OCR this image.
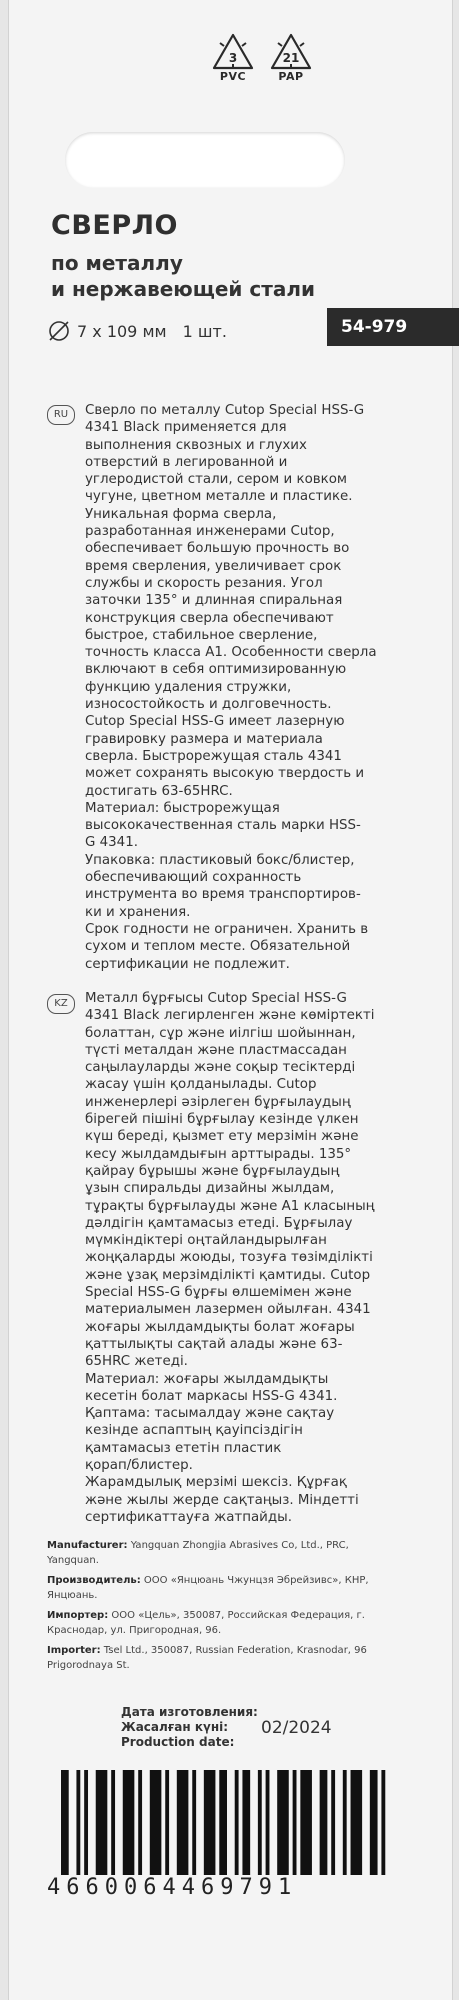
3
PVC
21
PAP
СВЕРЛО
по металлу
и нержавеющей стали
7 x 109 мм 1 шт.	54-979
RU	Сверло по металлу Cutop Special HSS-G
4341 Black применяется для
выполнения сквозных и глухих
отверстий в легированной и
углеродистой стали, сером и ковком
чугуне, цветном металле и пластике.
Уникальная форма сверла,
разработанная инженерами Cutop,
обеспечивает большую прочность во
время сверления, увеличивает срок
службы и скорость резания. Угол
заточки 135° и длинная спиральная
конструкция сверла обеспечивают
быстрое, стабильное сверление,
точность класса A1. Особенности сверла
включают в себя оптимизированную
функцию удаления стружки,
износостойкость и долговечность.
Cutop Special HSS-G имеет лазерную
гравировку размера и материала
сверла. Быстрорежущая сталь 4341
может сохранять высокую твердость и
достигать 63-65HRC.
Материал: быстрорежущая
высококачественная сталь марки HSS-
G 4341.
Упаковка: пластиковый бокс/блистер,
обеспечивающий сохранность
инструмента во время транспортиров-
ки и хранения.
Срок годности не ограничен. Хранить в
сухом и теплом месте. Обязательной
сертификации не подлежит.
KZ	Металл бұрғысы Cutop Special HSS-G
4341 Black легирленген және көміртекті
болаттан, сұр және иілгіш шойыннан,
түсті металдан және пластмассадан
саңылауларды және соқыр тесіктерді
жасау үшін қолданылады. Cutop
инженерлері әзірлеген бұрғылаудың
бірегей пішіні бұрғылау кезінде үлкен
күш береді, қызмет ету мерзімін және
кесу жылдамдығын арттырады. 135°
қайрау бұрышы және бұрғылаудың
ұзын спиральды дизайны жылдам,
тұрақты бұрғылауды және A1 класының
дәлдігін қамтамасыз етеді. Бұрғылау
мүмкіндіктері оңтайландырылған
жоңқаларды жоюды, тозуға төзімділікті
және ұзақ мерзімділікті қамтиды. Cutop
Special HSS-G бұрғы өлшемімен және
материалымен лазермен ойылған. 4341
жоғары жылдамдықты болат жоғары
қаттылықты сақтай алады және 63-
65HRC жетеді.
Материал: жоғары жылдамдықты
кесетін болат маркасы HSS-G 4341.
Қаптама: тасымалдау және сақтау
кезінде аспаптың қауіпсіздігін
қамтамасыз ететін пластик
қорап/блистер.
Жарамдылық мерзімі шексіз. Құрғақ
және жылы жерде сақтаңыз. Міндетті
сертификаттауға жатпайды.
Manufacturer: Yangquan Zhongjia Abrasives Co, Ltd., PRC, Yangquan.
Производитель: ООО «Янцюань Чжунцзя Эбрейзивс», КНР, Янцюань.
Импортер: ООО «Цель», 350087, Российская Федерация, г. Краснодар, ул. Пригородная, 96.
Importer: Tsel Ltd., 350087, Russian Federation, Krasnodar, 96 Prigorodnaya St.
Дата изготовления:
Жасалған күні:
Production date:
02/2024
4660064469791
